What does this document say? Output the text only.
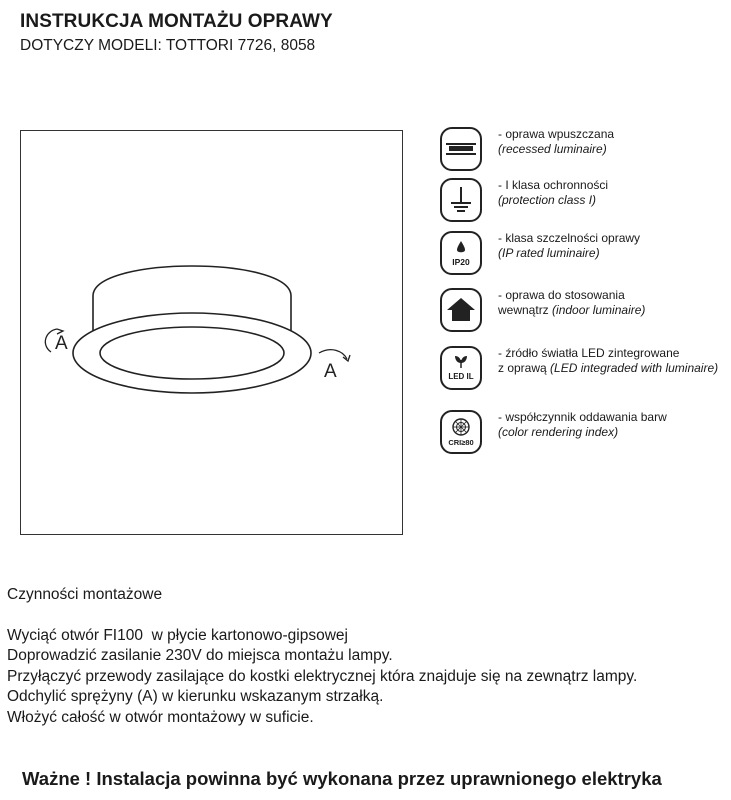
INSTRUKCJA MONTAŻU OPRAWY
DOTYCZY MODELI: TOTTORI 7726, 8058
A
A
- oprawa wpuszczana
(recessed luminaire)
- I klasa ochronności
(protection class I)
IP20
- klasa szczelności oprawy
(IP rated luminaire)
- oprawa do stosowania
wewnątrz (indoor luminaire)
LED IL
- źródło światła LED zintegrowane
z oprawą (LED integraded with luminaire)
CRI≥80
- współczynnik oddawania barw
(color rendering index)
Czynności montażowe
Wyciąć otwór FI100  w płycie kartonowo-gipsowej
Doprowadzić zasilanie 230V do miejsca montażu lampy.
Przyłączyć przewody zasilające do kostki elektrycznej która znajduje się na zewnątrz lampy.
Odchylić sprężyny (A) w kierunku wskazanym strzałką.
Włożyć całość w otwór montażowy w suficie.
Ważne ! Instalacja powinna być wykonana przez uprawnionego elektryka
